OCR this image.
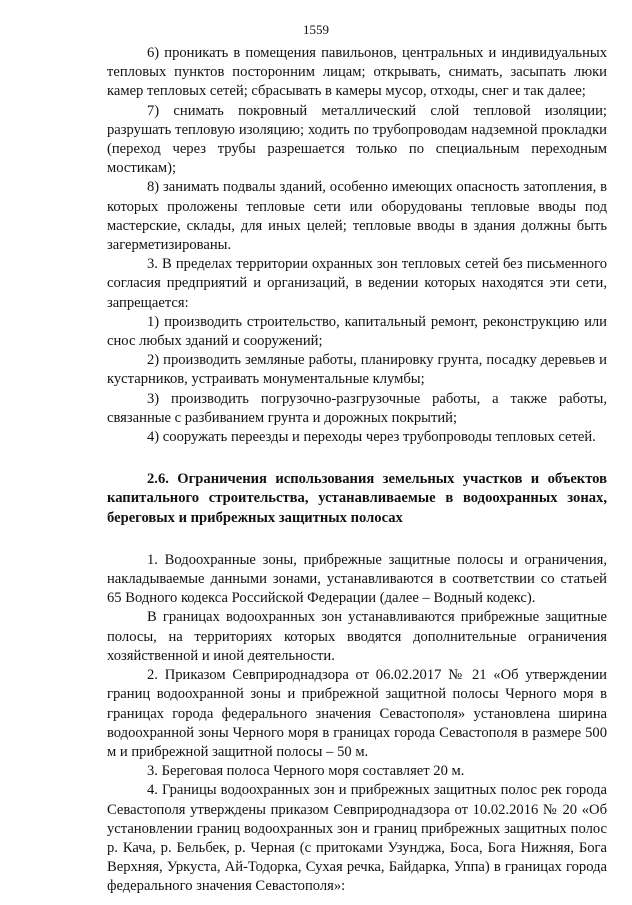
1559

6) проникать в помещения павильонов, центральных и индивидуальных тепловых пунктов посторонним лицам; открывать, снимать, засыпать люки камер тепловых сетей; сбрасывать в камеры мусор, отходы, снег и так далее;

7) снимать покровный металлический слой тепловой изоляции; разрушать тепловую изоляцию; ходить по трубопроводам надземной прокладки (переход через трубы разрешается только по специальным переходным мостикам);

8) занимать подвалы зданий, особенно имеющих опасность затопления, в которых проложены тепловые сети или оборудованы тепловые вводы под мастерские, склады, для иных целей; тепловые вводы в здания должны быть загерметизированы.

3. В пределах территории охранных зон тепловых сетей без письменного согласия предприятий и организаций, в ведении которых находятся эти сети, запрещается:

1) производить строительство, капитальный ремонт, реконструкцию или снос любых зданий и сооружений;

2) производить земляные работы, планировку грунта, посадку деревьев и кустарников, устраивать монументальные клумбы;

3) производить погрузочно-разгрузочные работы, а также работы, связанные с разбиванием грунта и дорожных покрытий;

4) сооружать переезды и переходы через трубопроводы тепловых сетей.

2.6. Ограничения использования земельных участков и объектов капитального строительства, устанавливаемые в водоохранных зонах, береговых и прибрежных защитных полосах

1. Водоохранные зоны, прибрежные защитные полосы и ограничения, накладываемые данными зонами, устанавливаются в соответствии со статьей 65 Водного кодекса Российской Федерации (далее – Водный кодекс).

В границах водоохранных зон устанавливаются прибрежные защитные полосы, на территориях которых вводятся дополнительные ограничения хозяйственной и иной деятельности.

2. Приказом Севприроднадзора от 06.02.2017 № 21 «Об утверждении границ водоохранной зоны и прибрежной защитной полосы Черного моря в границах города федерального значения Севастополя» установлена ширина водоохранной зоны Черного моря в границах города Севастополя в размере 500 м и прибрежной защитной полосы – 50 м.

3. Береговая полоса Черного моря составляет 20 м.

4. Границы водоохранных зон и прибрежных защитных полос рек города Севастополя утверждены приказом Севприроднадзора от 10.02.2016 № 20 «Об установлении границ водоохранных зон и границ прибрежных защитных полос р. Кача, р. Бельбек, р. Черная (с притоками Узунджа, Боса, Бога Нижняя, Бога Верхняя, Уркуста, Ай-Тодорка, Сухая речка, Байдарка, Уппа) в границах города федерального значения Севастополя»:
